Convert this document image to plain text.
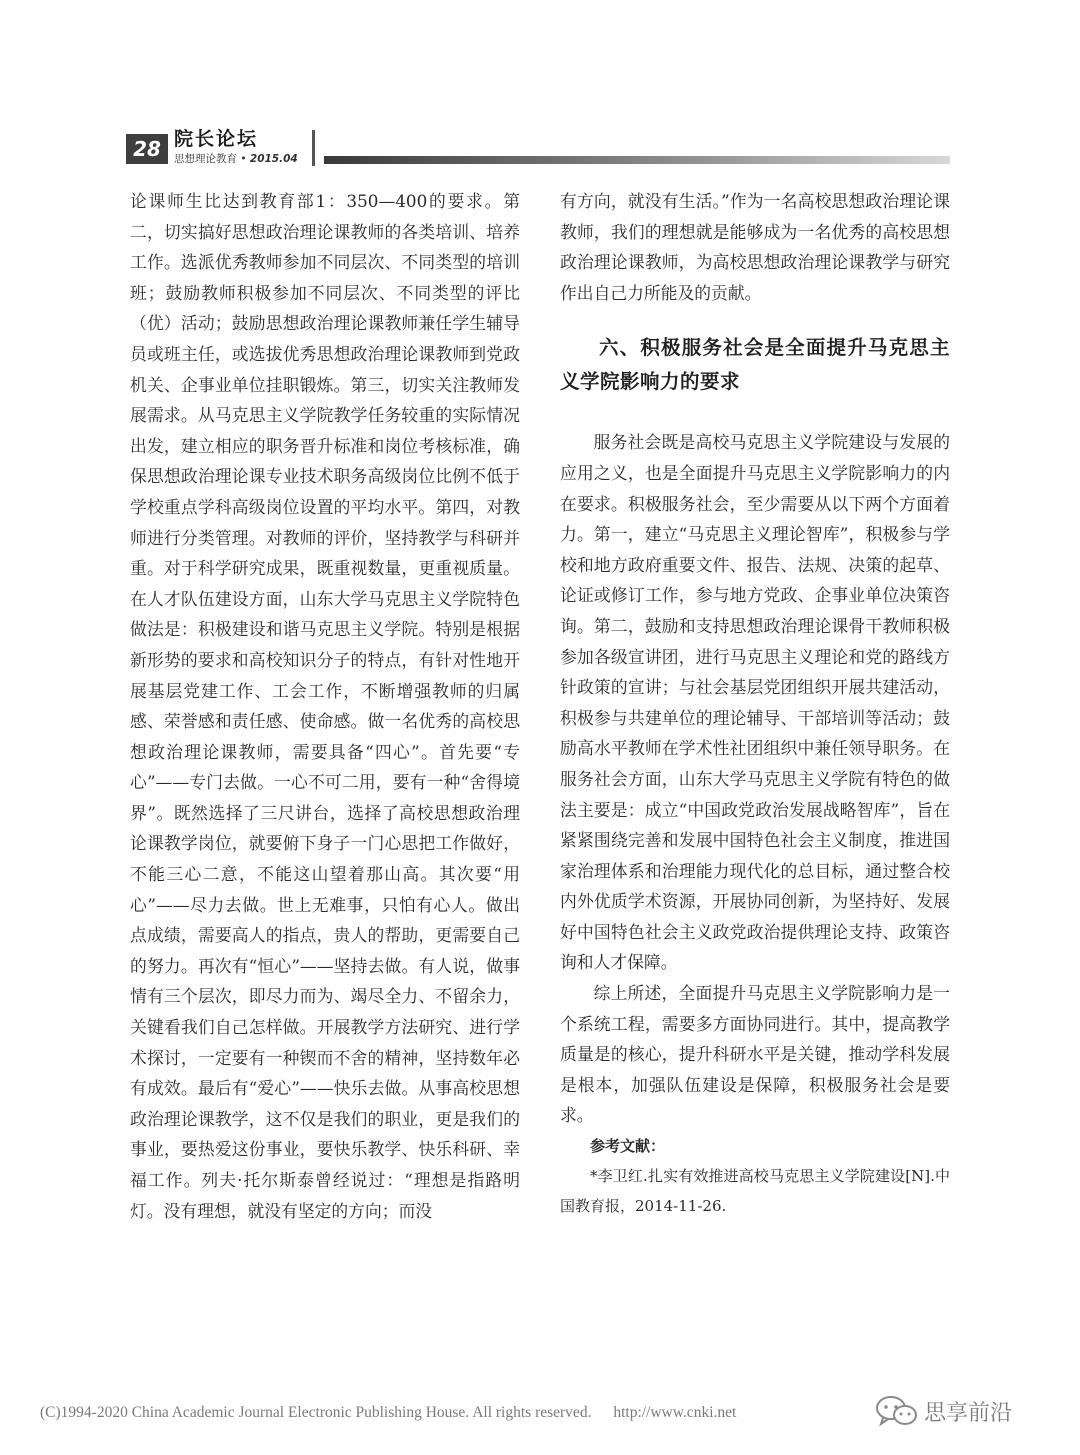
28 院长论坛
思想理论教育 • 2015.04

论课师生比达到教育部1：350—400的要求。第二，切实搞好思想政治理论课教师的各类培训、培养工作。选派优秀教师参加不同层次、不同类型的培训班；鼓励教师积极参加不同层次、不同类型的评比（优）活动；鼓励思想政治理论课教师兼任学生辅导员或班主任，或选拔优秀思想政治理论课教师到党政机关、企事业单位挂职锻炼。第三，切实关注教师发展需求。从马克思主义学院教学任务较重的实际情况出发，建立相应的职务晋升标准和岗位考核标准，确保思想政治理论课专业技术职务高级岗位比例不低于学校重点学科高级岗位设置的平均水平。第四，对教师进行分类管理。对教师的评价，坚持教学与科研并重。对于科学研究成果，既重视数量，更重视质量。在人才队伍建设方面，山东大学马克思主义学院特色做法是：积极建设和谐马克思主义学院。特别是根据新形势的要求和高校知识分子的特点，有针对性地开展基层党建工作、工会工作，不断增强教师的归属感、荣誉感和责任感、使命感。做一名优秀的高校思想政治理论课教师，需要具备“四心”。首先要“专心”——专门去做。一心不可二用，要有一种“舍得境界”。既然选择了三尺讲台，选择了高校思想政治理论课教学岗位，就要俯下身子一门心思把工作做好，不能三心二意，不能这山望着那山高。其次要“用心”——尽力去做。世上无难事，只怕有心人。做出点成绩，需要高人的指点，贵人的帮助，更需要自己的努力。再次有“恒心”——坚持去做。有人说，做事情有三个层次，即尽力而为、竭尽全力、不留余力，关键看我们自己怎样做。开展教学方法研究、进行学术探讨，一定要有一种锲而不舍的精神，坚持数年必有成效。最后有“爱心”——快乐去做。从事高校思想政治理论课教学，这不仅是我们的职业，更是我们的事业，要热爱这份事业，要快乐教学、快乐科研、幸福工作。列夫·托尔斯泰曾经说过：“理想是指路明灯。没有理想，就没有坚定的方向；而没

有方向，就没有生活。”作为一名高校思想政治理论课教师，我们的理想就是能够成为一名优秀的高校思想政治理论课教师，为高校思想政治理论课教学与研究作出自己力所能及的贡献。

六、积极服务社会是全面提升马克思主义学院影响力的要求

服务社会既是高校马克思主义学院建设与发展的应用之义，也是全面提升马克思主义学院影响力的内在要求。积极服务社会，至少需要从以下两个方面着力。第一，建立“马克思主义理论智库”，积极参与学校和地方政府重要文件、报告、法规、决策的起草、论证或修订工作，参与地方党政、企事业单位决策咨询。第二，鼓励和支持思想政治理论课骨干教师积极参加各级宣讲团，进行马克思主义理论和党的路线方针政策的宣讲；与社会基层党团组织开展共建活动，积极参与共建单位的理论辅导、干部培训等活动；鼓励高水平教师在学术性社团组织中兼任领导职务。在服务社会方面，山东大学马克思主义学院有特色的做法主要是：成立“中国政党政治发展战略智库”，旨在紧紧围绕完善和发展中国特色社会主义制度，推进国家治理体系和治理能力现代化的总目标，通过整合校内外优质学术资源，开展协同创新，为坚持好、发展好中国特色社会主义政党政治提供理论支持、政策咨询和人才保障。

综上所述，全面提升马克思主义学院影响力是一个系统工程，需要多方面协同进行。其中，提高教学质量是的核心，提升科研水平是关键，推动学科发展是根本，加强队伍建设是保障，积极服务社会是要求。

参考文献：

*李卫红.扎实有效推进高校马克思主义学院建设[N].中国教育报，2014-11-26.

(C)1994-2020 China Academic Journal Electronic Publishing House. All rights reserved. http://www.cnki.net	思享前沿
